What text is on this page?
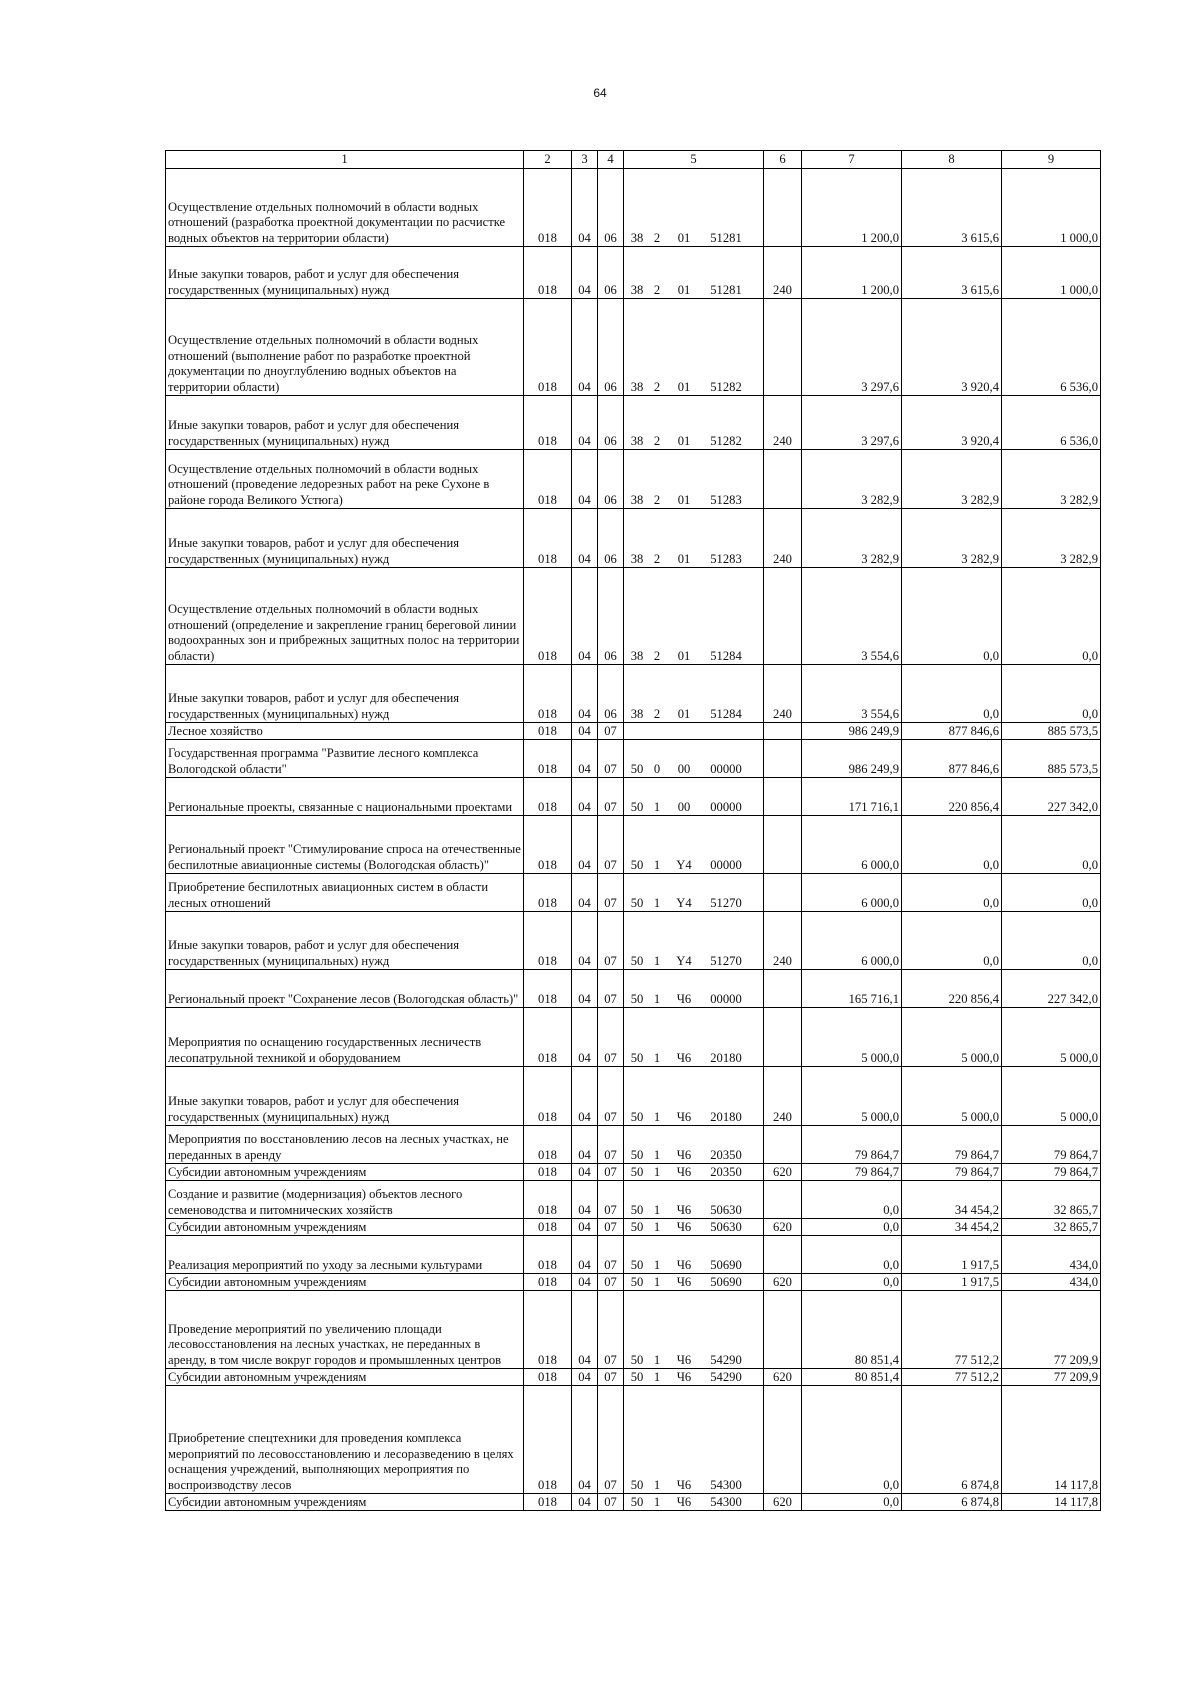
64
1	2	3	4	5	6	7	8	9
Осуществление отдельных полномочий в области водных отношений (разработка проектной документации по расчистке водных объектов на территории области)	018	04	06	38 2 01 51281		1 200,0	3 615,6	1 000,0
Иные закупки товаров, работ и услуг для обеспечения государственных (муниципальных) нужд	018	04	06	38 2 01 51281	240	1 200,0	3 615,6	1 000,0
Осуществление отдельных полномочий в области водных отношений (выполнение работ по разработке проектной документации по дноуглублению водных объектов на территории области)	018	04	06	38 2 01 51282		3 297,6	3 920,4	6 536,0
Иные закупки товаров, работ и услуг для обеспечения государственных (муниципальных) нужд	018	04	06	38 2 01 51282	240	3 297,6	3 920,4	6 536,0
Осуществление отдельных полномочий в области водных отношений (проведение ледорезных работ на реке Сухоне в районе города Великого Устюга)	018	04	06	38 2 01 51283		3 282,9	3 282,9	3 282,9
Иные закупки товаров, работ и услуг для обеспечения государственных (муниципальных) нужд	018	04	06	38 2 01 51283	240	3 282,9	3 282,9	3 282,9
Осуществление отдельных полномочий в области водных отношений (определение и закрепление границ береговой линии водоохранных зон и прибрежных защитных полос на территории области)	018	04	06	38 2 01 51284		3 554,6	0,0	0,0
Иные закупки товаров, работ и услуг для обеспечения государственных (муниципальных) нужд	018	04	06	38 2 01 51284	240	3 554,6	0,0	0,0
Лесное хозяйство	018	04	07			986 249,9	877 846,6	885 573,5
Государственная программа "Развитие лесного комплекса Вологодской области"	018	04	07	50 0 00 00000		986 249,9	877 846,6	885 573,5
Региональные проекты, связанные с национальными проектами	018	04	07	50 1 00 00000		171 716,1	220 856,4	227 342,0
Региональный проект "Стимулирование спроса на отечественные беспилотные авиационные системы (Вологодская область)"	018	04	07	50 1 Y4 00000		6 000,0	0,0	0,0
Приобретение беспилотных авиационных систем в области лесных отношений	018	04	07	50 1 Y4 51270		6 000,0	0,0	0,0
Иные закупки товаров, работ и услуг для обеспечения государственных (муниципальных) нужд	018	04	07	50 1 Y4 51270	240	6 000,0	0,0	0,0
Региональный проект "Сохранение лесов (Вологодская область)"	018	04	07	50 1 Ч6 00000		165 716,1	220 856,4	227 342,0
Мероприятия по оснащению государственных лесничеств лесопатрульной техникой и оборудованием	018	04	07	50 1 Ч6 20180		5 000,0	5 000,0	5 000,0
Иные закупки товаров, работ и услуг для обеспечения государственных (муниципальных) нужд	018	04	07	50 1 Ч6 20180	240	5 000,0	5 000,0	5 000,0
Мероприятия по восстановлению лесов на лесных участках, не переданных в аренду	018	04	07	50 1 Ч6 20350		79 864,7	79 864,7	79 864,7
Субсидии автономным учреждениям	018	04	07	50 1 Ч6 20350	620	79 864,7	79 864,7	79 864,7
Создание и развитие (модернизация) объектов лесного семеноводства и питомнических хозяйств	018	04	07	50 1 Ч6 50630		0,0	34 454,2	32 865,7
Субсидии автономным учреждениям	018	04	07	50 1 Ч6 50630	620	0,0	34 454,2	32 865,7
Реализация мероприятий по уходу за лесными культурами	018	04	07	50 1 Ч6 50690		0,0	1 917,5	434,0
Субсидии автономным учреждениям	018	04	07	50 1 Ч6 50690	620	0,0	1 917,5	434,0
Проведение мероприятий по увеличению площади лесовосстановления на лесных участках, не переданных в аренду, в том числе вокруг городов и промышленных центров	018	04	07	50 1 Ч6 54290		80 851,4	77 512,2	77 209,9
Субсидии автономным учреждениям	018	04	07	50 1 Ч6 54290	620	80 851,4	77 512,2	77 209,9
Приобретение спецтехники для проведения комплекса мероприятий по лесовосстановлению и лесоразведению в целях оснащения учреждений, выполняющих мероприятия по воспроизводству лесов	018	04	07	50 1 Ч6 54300		0,0	6 874,8	14 117,8
Субсидии автономным учреждениям	018	04	07	50 1 Ч6 54300	620	0,0	6 874,8	14 117,8
